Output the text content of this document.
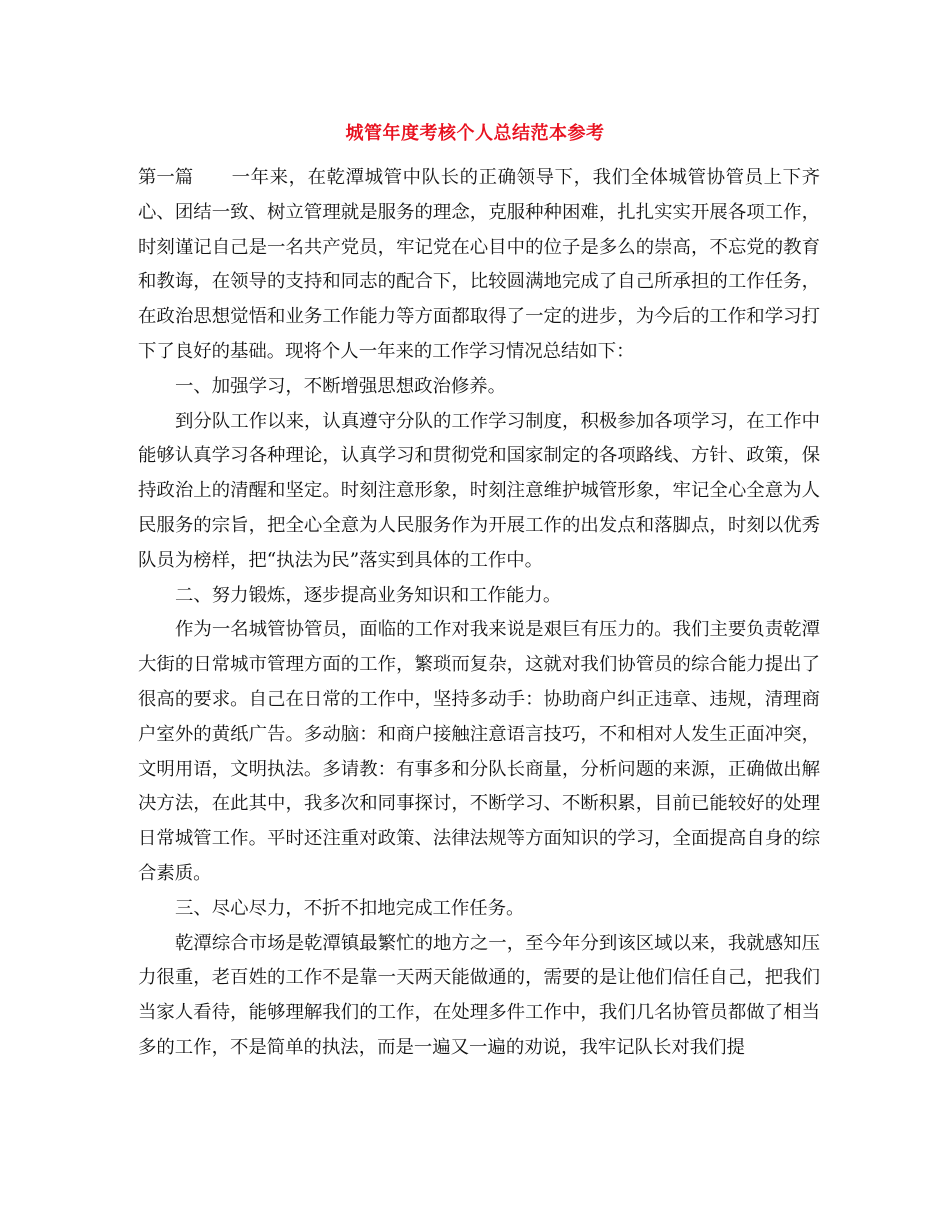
城管年度考核个人总结范本参考

第一篇 一年来，在乾潭城管中队长的正确领导下，我们全体城管协管员上下齐心、团结一致、树立管理就是服务的理念，克服种种困难，扎扎实实开展各项工作，时刻谨记自己是一名共产党员，牢记党在心目中的位子是多么的崇高，不忘党的教育和教诲，在领导的支持和同志的配合下，比较圆满地完成了自己所承担的工作任务，在政治思想觉悟和业务工作能力等方面都取得了一定的进步，为今后的工作和学习打下了良好的基础。现将个人一年来的工作学习情况总结如下：

一、加强学习，不断增强思想政治修养。

到分队工作以来，认真遵守分队的工作学习制度，积极参加各项学习，在工作中能够认真学习各种理论，认真学习和贯彻党和国家制定的各项路线、方针、政策，保持政治上的清醒和坚定。时刻注意形象，时刻注意维护城管形象，牢记全心全意为人民服务的宗旨，把全心全意为人民服务作为开展工作的出发点和落脚点，时刻以优秀队员为榜样，把“执法为民”落实到具体的工作中。

二、努力锻炼，逐步提高业务知识和工作能力。

作为一名城管协管员，面临的工作对我来说是艰巨有压力的。我们主要负责乾潭大街的日常城市管理方面的工作，繁琐而复杂，这就对我们协管员的综合能力提出了很高的要求。自己在日常的工作中，坚持多动手：协助商户纠正违章、违规，清理商户室外的黄纸广告。多动脑：和商户接触注意语言技巧，不和相对人发生正面冲突，文明用语，文明执法。多请教：有事多和分队长商量，分析问题的来源，正确做出解决方法，在此其中，我多次和同事探讨，不断学习、不断积累，目前已能较好的处理日常城管工作。平时还注重对政策、法律法规等方面知识的学习，全面提高自身的综合素质。

三、尽心尽力，不折不扣地完成工作任务。

乾潭综合市场是乾潭镇最繁忙的地方之一，至今年分到该区域以来，我就感知压力很重，老百姓的工作不是靠一天两天能做通的，需要的是让他们信任自己，把我们当家人看待，能够理解我们的工作，在处理多件工作中，我们几名协管员都做了相当多的工作，不是简单的执法，而是一遍又一遍的劝说，我牢记队长对我们提
